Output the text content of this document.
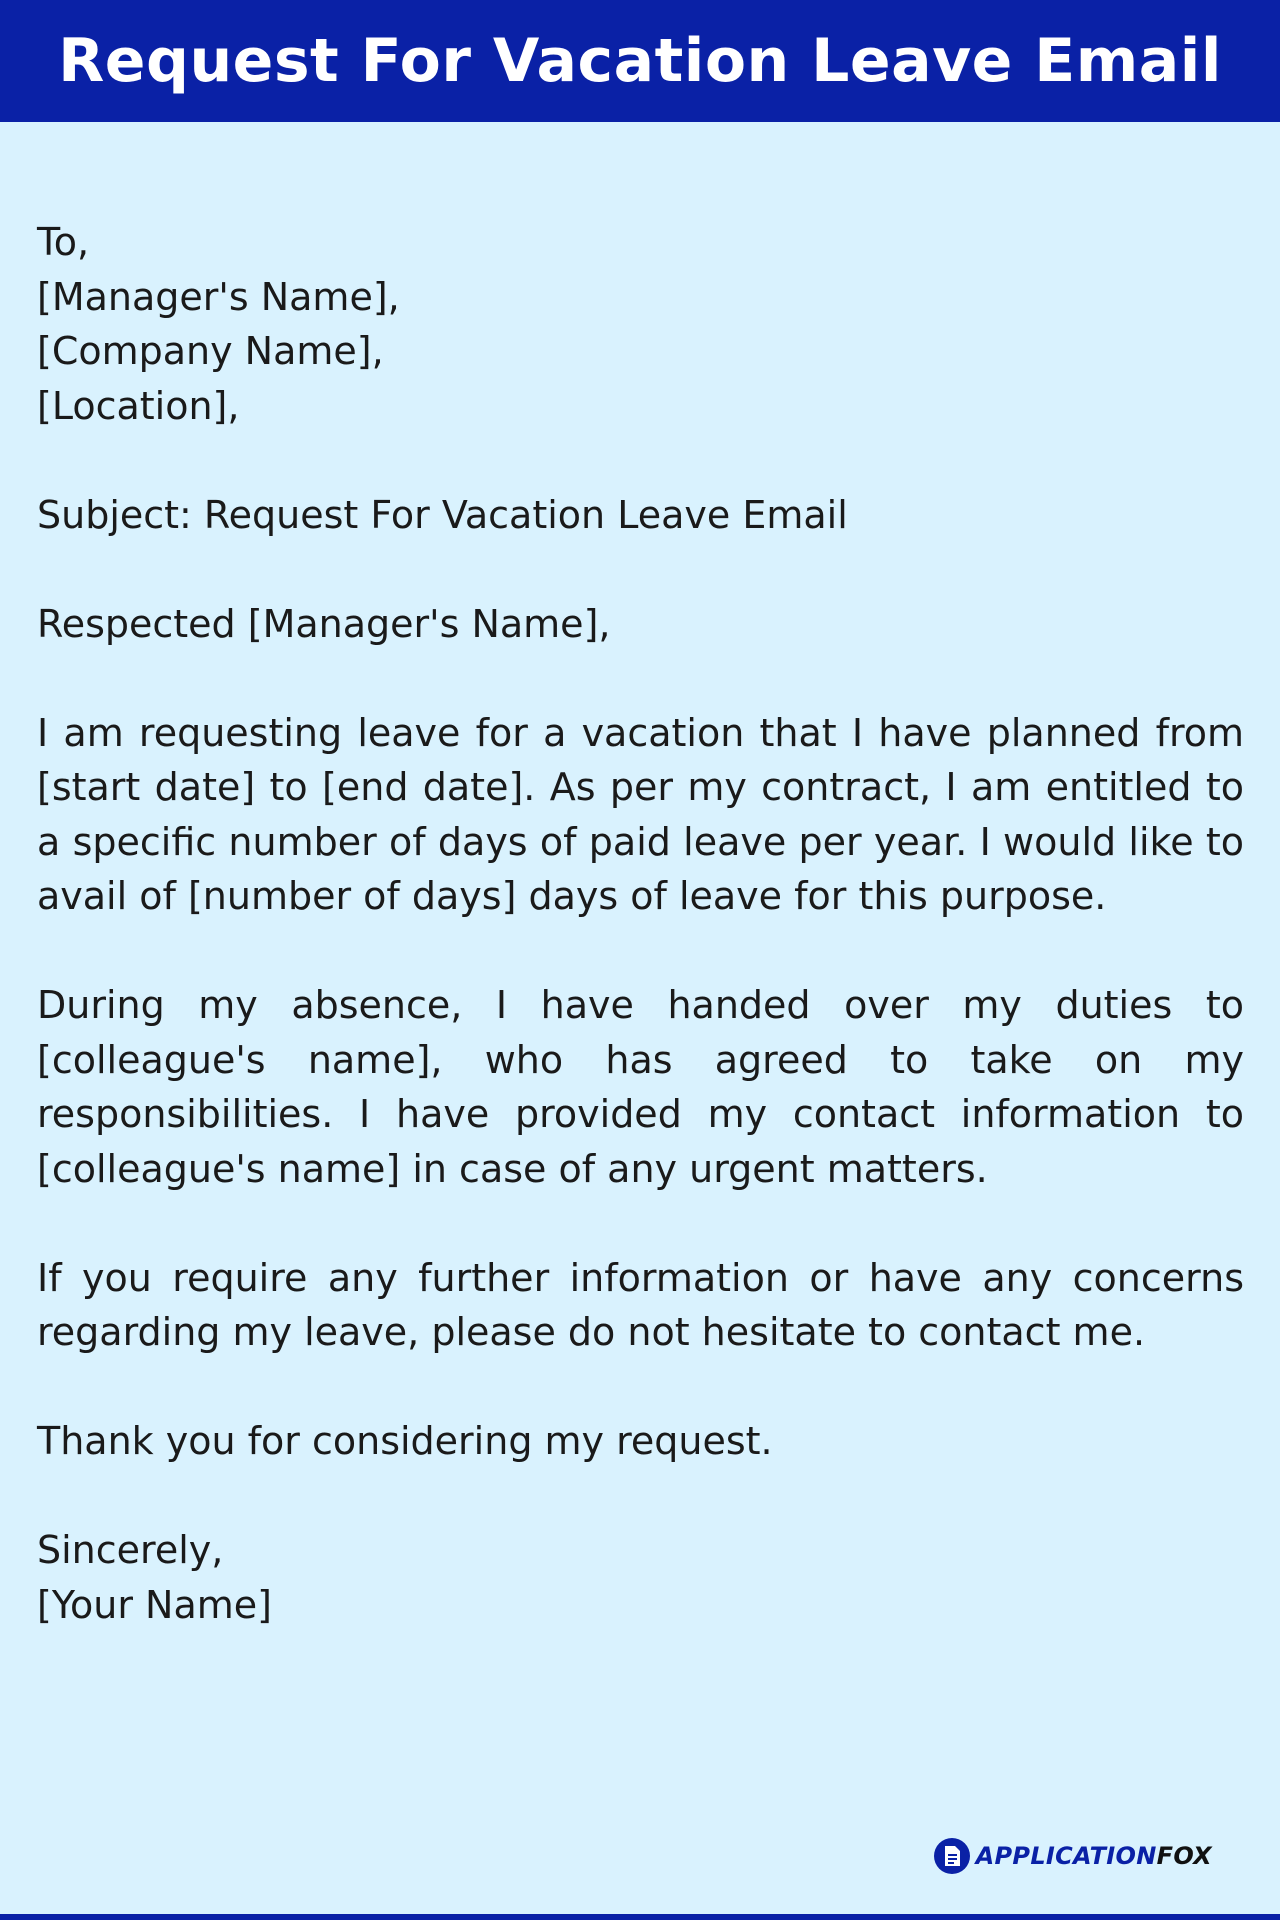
Request For Vacation Leave Email

To,

[Manager's Name],

[Company Name],

[Location],

Subject: Request For Vacation Leave Email

Respected [Manager's Name],

I am requesting leave for a vacation that I have planned from [start date] to [end date]. As per my contract, I am entitled to a specific number of days of paid leave per year. I would like to avail of [number of days] days of leave for this purpose.

During my absence, I have handed over my duties to [colleague's name], who has agreed to take on my responsibilities. I have provided my contact information to [colleague's name] in case of any urgent matters.

If you require any further information or have any concerns regarding my leave, please do not hesitate to contact me.

Thank you for considering my request.

Sincerely,

[Your Name]

APPLICATIONFOX
